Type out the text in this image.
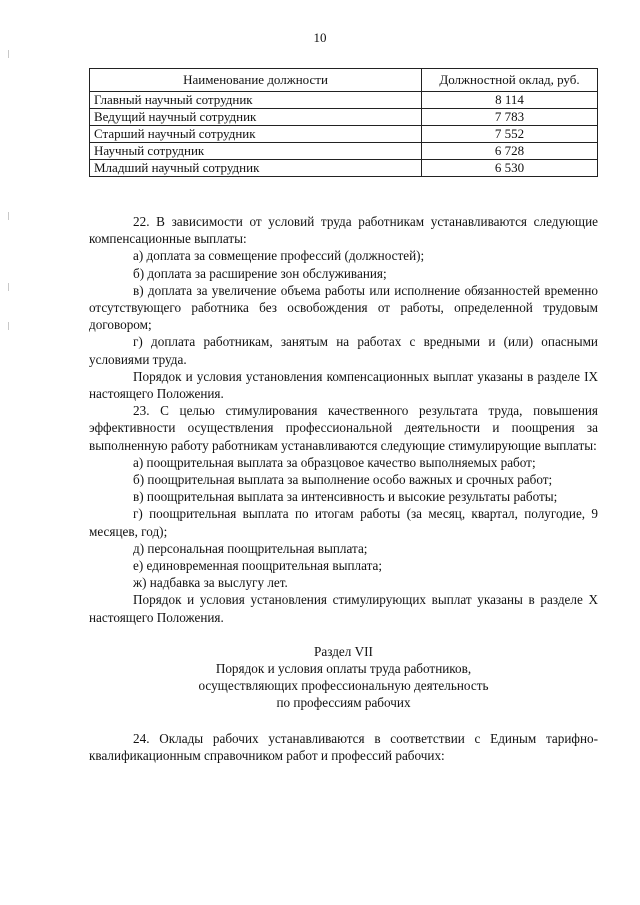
10
Наименование должности	Должностной оклад, руб.
Главный научный сотрудник	8 114
Ведущий научный сотрудник	7 783
Старший научный сотрудник	7 552
Научный сотрудник	6 728
Младший научный сотрудник	6 530

22. В зависимости от условий труда работникам устанавливаются следующие компенсационные выплаты:

а) доплата за совмещение профессий (должностей);

б) доплата за расширение зон обслуживания;

в) доплата за увеличение объема работы или исполнение обязанностей временно отсутствующего работника без освобождения от работы, определенной трудовым договором;

г) доплата работникам, занятым на работах с вредными и (или) опасными условиями труда.

Порядок и условия установления компенсационных выплат указаны в разделе IX настоящего Положения.

23. С целью стимулирования качественного результата труда, повышения эффективности осуществления профессиональной деятельности и поощрения за выполненную работу работникам устанавливаются следующие стимулирующие выплаты:

а) поощрительная выплата за образцовое качество выполняемых работ;

б) поощрительная выплата за выполнение особо важных и срочных работ;

в) поощрительная выплата за интенсивность и высокие результаты работы;

г) поощрительная выплата по итогам работы (за месяц, квартал, полугодие, 9 месяцев, год);

д) персональная поощрительная выплата;

е) единовременная поощрительная выплата;

ж) надбавка за выслугу лет.

Порядок и условия установления стимулирующих выплат указаны в разделе X настоящего Положения.

Раздел VII

Порядок и условия оплаты труда работников,

осуществляющих профессиональную деятельность

по профессиям рабочих

24. Оклады рабочих устанавливаются в соответствии с Единым тарифно-квалификационным справочником работ и профессий рабочих:
